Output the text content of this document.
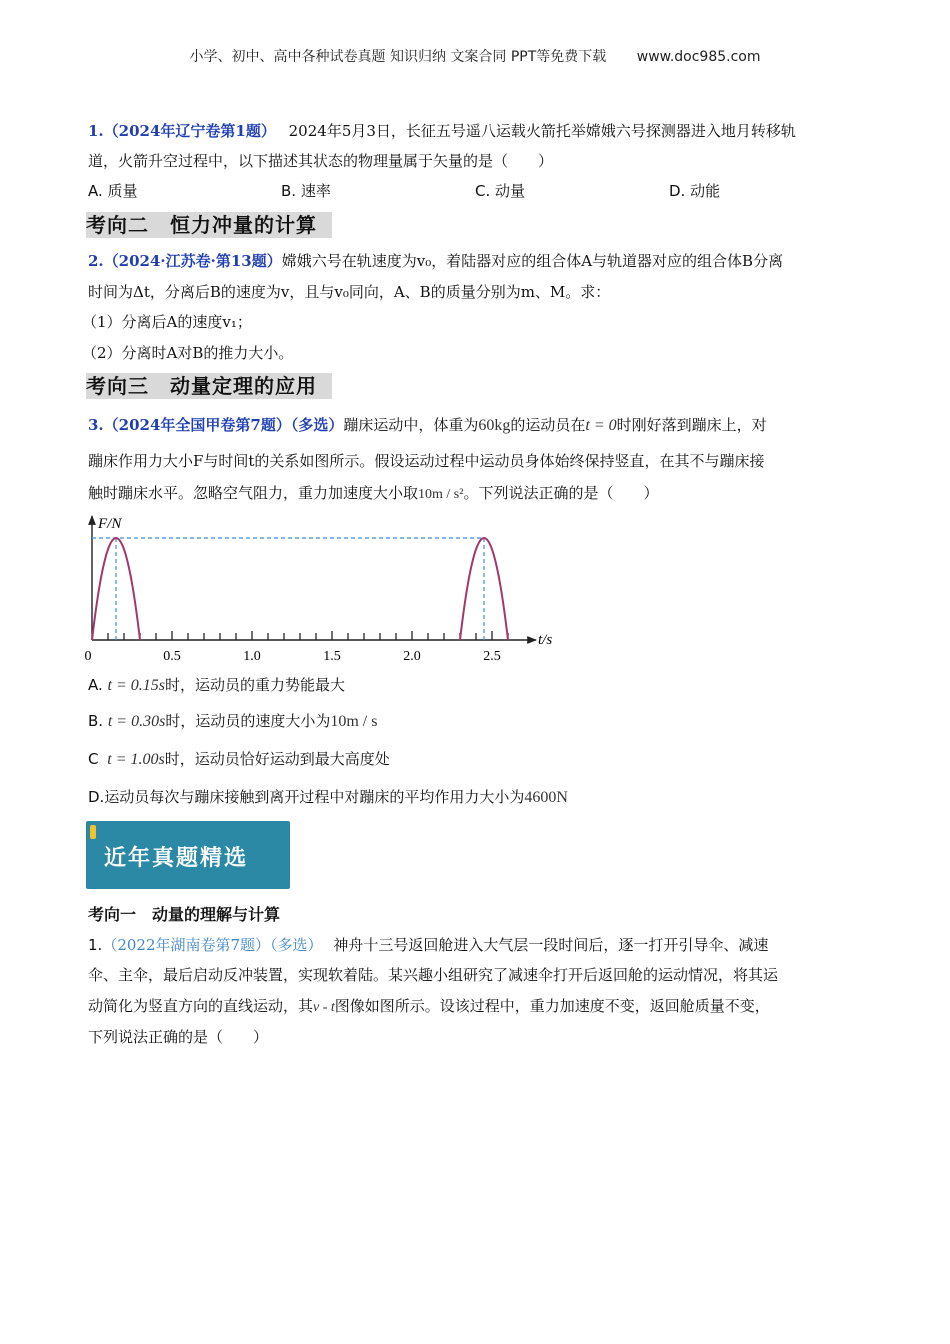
小学、初中、高中各种试卷真题 知识归纳 文案合同 PPT等免费下载 www.doc985.com
1.（2024年辽宁卷第1题） 2024年5月3日，长征五号遥八运载火箭托举嫦娥六号探测器进入地月转移轨
道，火箭升空过程中，以下描述其状态的物理量属于矢量的是（　　）
A. 质量	B. 速率	C. 动量	D. 动能
考向二　恒力冲量的计算
2.（2024·江苏卷·第13题）嫦娥六号在轨速度为v₀，着陆器对应的组合体A与轨道器对应的组合体B分离
时间为Δt，分离后B的速度为v，且与v₀同向，A、B的质量分别为m、M。求：
（1）分离后A的速度v₁；
（2）分离时A对B的推力大小。
考向三　动量定理的应用
3.（2024年全国甲卷第7题）（多选）蹦床运动中，体重为60kg的运动员在t = 0时刚好落到蹦床上，对
蹦床作用力大小F与时间t的关系如图所示。假设运动过程中运动员身体始终保持竖直，在其不与蹦床接
触时蹦床水平。忽略空气阻力，重力加速度大小取10m / s²。下列说法正确的是（　　）
0	0.5	1.0	1.5	2.0	2.5
F/N
t/s
A. t = 0.15s时，运动员的重力势能最大
B. t = 0.30s时，运动员的速度大小为10m / s
C t = 1.00s时，运动员恰好运动到最大高度处
D.运动员每次与蹦床接触到离开过程中对蹦床的平均作用力大小为4600N
近年真题精选
考向一　动量的理解与计算
1.（2022年湖南卷第7题）（多选） 神舟十三号返回舱进入大气层一段时间后，逐一打开引导伞、减速
伞、主伞，最后启动反冲装置，实现软着陆。某兴趣小组研究了减速伞打开后返回舱的运动情况，将其运
动简化为竖直方向的直线运动，其v - t图像如图所示。设该过程中，重力加速度不变，返回舱质量不变，
下列说法正确的是（　　）
